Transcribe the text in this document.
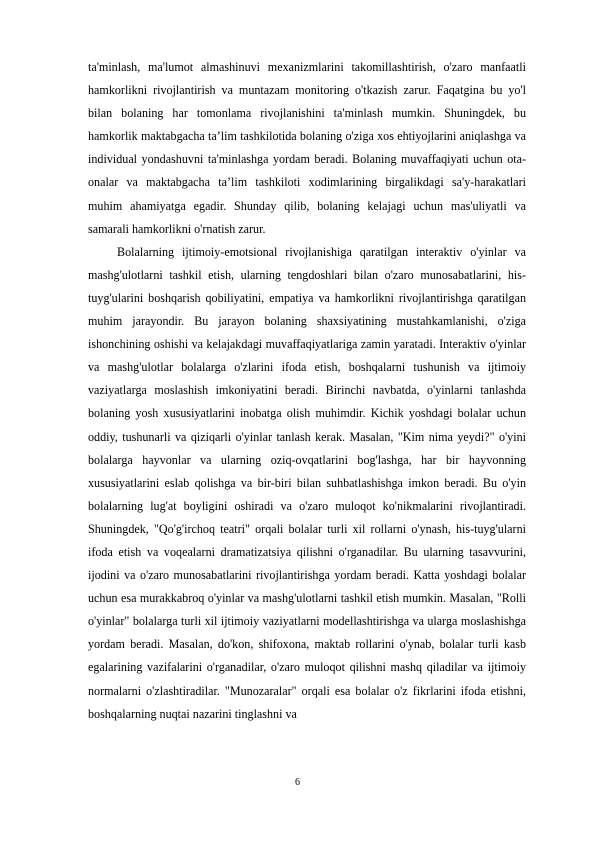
ta'minlash, ma'lumot almashinuvi mexanizmlarini takomillashtirish, o'zaro manfaatli hamkorlikni rivojlantirish va muntazam monitoring o'tkazish zarur. Faqatgina bu yo'l bilan bolaning har tomonlama rivojlanishini ta'minlash mumkin. Shuningdek, bu hamkorlik maktabgacha ta’lim tashkilotida bolaning o'ziga xos ehtiyojlarini aniqlashga va individual yondashuvni ta'minlashga yordam beradi. Bolaning muvaffaqiyati uchun ota-onalar va maktabgacha ta’lim tashkiloti xodimlarining birgalikdagi sa'y-harakatlari muhim ahamiyatga egadir. Shunday qilib, bolaning kelajagi uchun mas'uliyatli va samarali hamkorlikni o'rnatish zarur.

Bolalarning ijtimoiy-emotsional rivojlanishiga qaratilgan interaktiv o'yinlar va mashg'ulotlarni tashkil etish, ularning tengdoshlari bilan o'zaro munosabatlarini, his-tuyg'ularini boshqarish qobiliyatini, empatiya va hamkorlikni rivojlantirishga qaratilgan muhim jarayondir. Bu jarayon bolaning shaxsiyatining mustahkamlanishi, o'ziga ishonchining oshishi va kelajakdagi muvaffaqiyatlariga zamin yaratadi. Interaktiv o'yinlar va mashg'ulotlar bolalarga o'zlarini ifoda etish, boshqalarni tushunish va ijtimoiy vaziyatlarga moslashish imkoniyatini beradi. Birinchi navbatda, o'yinlarni tanlashda bolaning yosh xususiyatlarini inobatga olish muhimdir. Kichik yoshdagi bolalar uchun oddiy, tushunarli va qiziqarli o'yinlar tanlash kerak. Masalan, "Kim nima yeydi?" o'yini bolalarga hayvonlar va ularning oziq-ovqatlarini bog'lashga, har bir hayvonning xususiyatlarini eslab qolishga va bir-biri bilan suhbatlashishga imkon beradi. Bu o'yin bolalarning lug'at boyligini oshiradi va o'zaro muloqot ko'nikmalarini rivojlantiradi. Shuningdek, "Qo'g'irchoq teatri" orqali bolalar turli xil rollarni o'ynash, his-tuyg'ularni ifoda etish va voqealarni dramatizatsiya qilishni o'rganadilar. Bu ularning tasavvurini, ijodini va o'zaro munosabatlarini rivojlantirishga yordam beradi. Katta yoshdagi bolalar uchun esa murakkabroq o'yinlar va mashg'ulotlarni tashkil etish mumkin. Masalan, "Rolli o'yinlar" bolalarga turli xil ijtimoiy vaziyatlarni modellashtirishga va ularga moslashishga yordam beradi. Masalan, do'kon, shifoxona, maktab rollarini o'ynab, bolalar turli kasb egalarining vazifalarini o'rganadilar, o'zaro muloqot qilishni mashq qiladilar va ijtimoiy normalarni o'zlashtiradilar. "Munozaralar" orqali esa bolalar o'z fikrlarini ifoda etishni, boshqalarning nuqtai nazarini tinglashni va

6
